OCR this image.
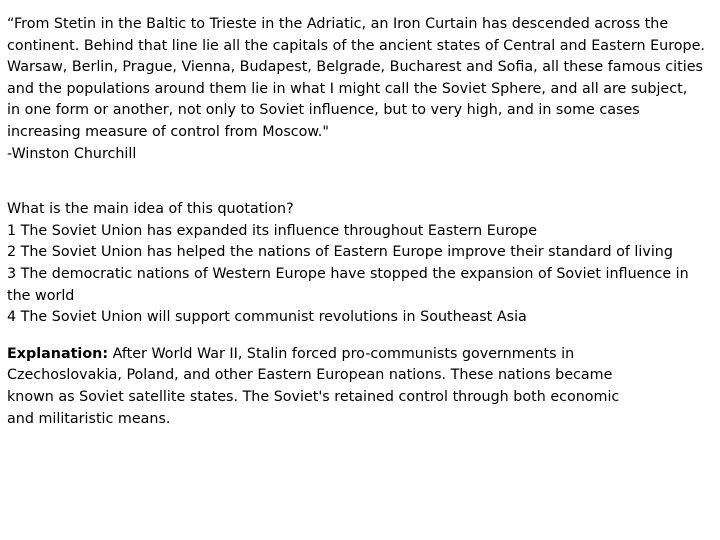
“From Stetin in the Baltic to Trieste in the Adriatic, an Iron Curtain has descended across the
continent. Behind that line lie all the capitals of the ancient states of Central and Eastern Europe.
Warsaw, Berlin, Prague, Vienna, Budapest, Belgrade, Bucharest and Sofia, all these famous cities
and the populations around them lie in what I might call the Soviet Sphere, and all are subject,
in one form or another, not only to Soviet influence, but to very high, and in some cases
increasing measure of control from Moscow."
-Winston Churchill
What is the main idea of this quotation?
1 The Soviet Union has expanded its influence throughout Eastern Europe
2 The Soviet Union has helped the nations of Eastern Europe improve their standard of living
3 The democratic nations of Western Europe have stopped the expansion of Soviet influence in
the world
4 The Soviet Union will support communist revolutions in Southeast Asia
Explanation: After World War II, Stalin forced pro-communists governments in
Czechoslovakia, Poland, and other Eastern European nations. These nations became
known as Soviet satellite states. The Soviet's retained control through both economic
and militaristic means.
